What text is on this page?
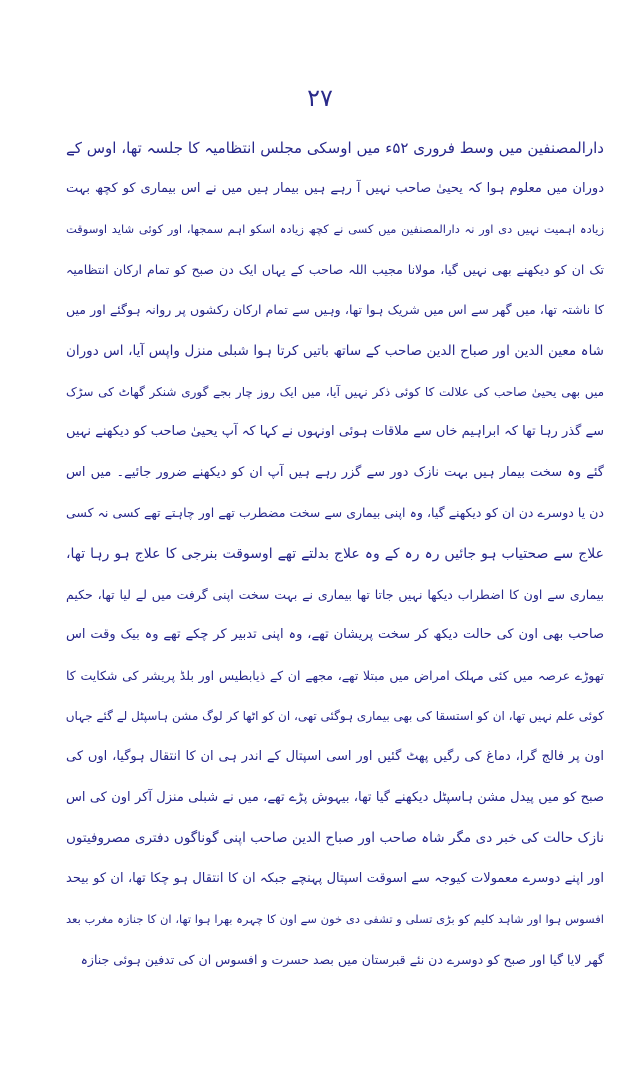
۲۷
دارالمصنفین میں وسط فروری ۵۲ء میں اوسکی مجلس انتظامیہ کا جلسہ تھا، اوس کے
دوران میں معلوم ہوا کہ یحییٰ صاحب نہیں آ رہے ہیں بیمار ہیں میں نے اس بیماری کو کچھ بہت
زیادہ اہمیت نہیں دی اور نہ دارالمصنفین میں کسی نے کچھ زیادہ اسکو اہم سمجھا، اور کوئی شاید اوسوقت
تک ان کو دیکھنے بھی نہیں گیا، مولانا مجیب اللہ صاحب کے یہاں ایک دن صبح کو تمام ارکان انتظامیہ
کا ناشتہ تھا، میں گھر سے اس میں شریک ہوا تھا، وہیں سے تمام ارکان رکشوں پر روانہ ہوگئے اور میں
شاہ معین الدین اور صباح الدین صاحب کے ساتھ باتیں کرتا ہوا شبلی منزل واپس آیا، اس دوران
میں بھی یحییٰ صاحب کی علالت کا کوئی ذکر نہیں آیا، میں ایک روز چار بجے گوری شنکر گھاٹ کی سڑک
سے گذر رہا تھا کہ ابراہیم خاں سے ملاقات ہوئی اونہوں نے کہا کہ آپ یحییٰ صاحب کو دیکھنے نہیں
گئے وہ سخت بیمار ہیں بہت نازک دور سے گزر رہے ہیں آپ ان کو دیکھنے ضرور جائیے۔ میں اس
دن یا دوسرے دن ان کو دیکھنے گیا، وہ اپنی بیماری سے سخت مضطرب تھے اور چاہتے تھے کسی نہ کسی
علاج سے صحتیاب ہو جائیں رہ رہ کے وہ علاج بدلتے تھے اوسوقت بنرجی کا علاج ہو رہا تھا،
بیماری سے اون کا اضطراب دیکھا نہیں جاتا تھا بیماری نے بہت سخت اپنی گرفت میں لے لیا تھا، حکیم
صاحب بھی اون کی حالت دیکھ کر سخت پریشان تھے، وہ اپنی تدبیر کر چکے تھے وہ بیک وقت اس
تھوڑے عرصہ میں کئی مہلک امراض میں مبتلا تھے، مجھے ان کے ذیابطیس اور بلڈ پریشر کی شکایت کا
کوئی علم نہیں تھا، ان کو استسقا کی بھی بیماری ہوگئی تھی، ان کو اٹھا کر لوگ مشن ہاسپٹل لے گئے جہاں
اون پر فالج گرا، دماغ کی رگیں پھٹ گئیں اور اسی اسپتال کے اندر ہی ان کا انتقال ہوگیا، اوں کی
صبح کو میں پیدل مشن ہاسپٹل دیکھنے گیا تھا، بیہوش پڑے تھے، میں نے شبلی منزل آکر اون کی اس
نازک حالت کی خبر دی مگر شاہ صاحب اور صباح الدین صاحب اپنی گوناگوں دفتری مصروفیتوں
اور اپنے دوسرے معمولات کیوجہ سے اسوقت اسپتال پہنچے جبکہ ان کا انتقال ہو چکا تھا، ان کو بیحد
افسوس ہوا اور شاہد کلیم کو بڑی تسلی و تشفی دی خون سے اون کا چہرہ بھرا ہوا تھا، ان کا جنازہ مغرب بعد
گھر لایا گیا اور صبح کو دوسرے دن نئے قبرستان میں بصد حسرت و افسوس ان کی تدفین ہوئی جنازہ
